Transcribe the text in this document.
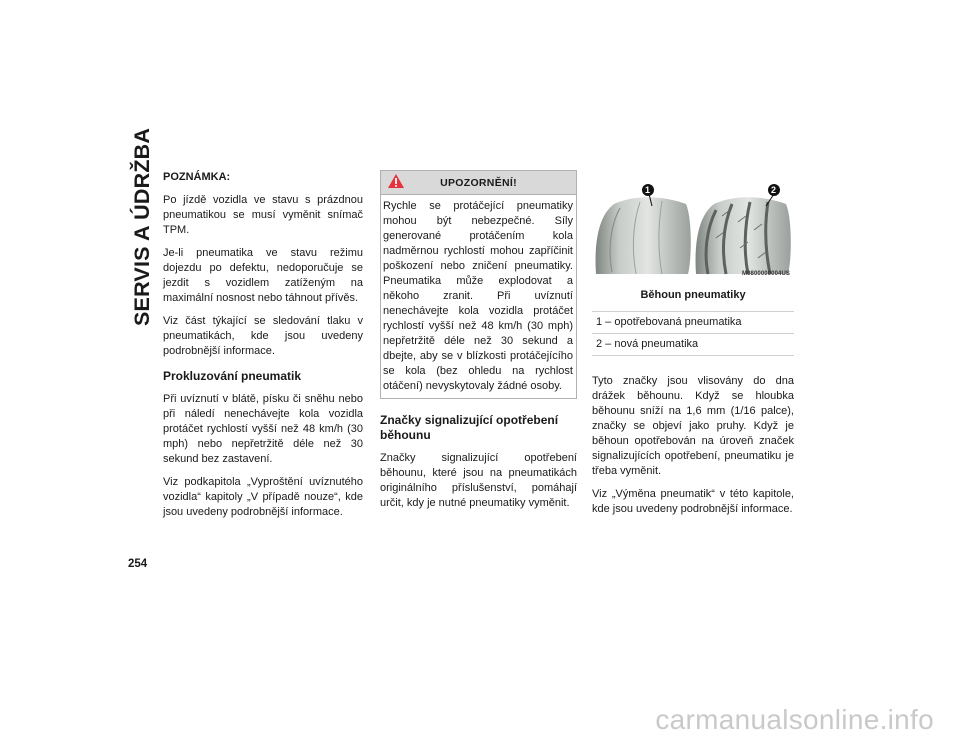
SERVIS A ÚDRŽBA
254

POZNÁMKA:

Po jízdě vozidla ve stavu s prázdnou pneumatikou se musí vyměnit snímač TPM.

Je-li pneumatika ve stavu režimu dojezdu po defektu, nedoporučuje se jezdit s vozidlem zatíženým na maximální nosnost nebo táhnout přívěs.

Viz část týkající se sledování tlaku v pneumatikách, kde jsou uvedeny podrobnější informace.

Prokluzování pneumatik

Při uvíznutí v blátě, písku či sněhu nebo při náledí nenechávejte kola vozidla protáčet rychlostí vyšší než 48 km/h (30 mph) nebo nepřetržitě déle než 30 sekund bez zastavení.

Viz podkapitola „Vyproštění uvíznutého vozidla“ kapitoly „V případě nouze“, kde jsou uvedeny podrobnější informace.

UPOZORNĚNÍ!

Rychle se protáčející pneumatiky mohou být nebezpečné. Síly generované protáčením kola nadměrnou rychlostí mohou zapříčinit poškození nebo zničení pneumatiky. Pneumatika může explodovat a někoho zranit. Při uvíznutí nenechávejte kola vozidla protáčet rychlostí vyšší než 48 km/h (30 mph) nepřetržitě déle než 30 sekund a dbejte, aby se v blízkosti protáčejícího se kola (bez ohledu na rychlost otáčení) nevyskytovaly žádné osoby.

Značky signalizující opotřebení běhounu

Značky signalizující opotřebení běhounu, které jsou na pneumatikách originálního příslušenství, pomáhají určit, kdy je nutné pneumatiky vyměnit.

1	2
M0800000004US
Běhoun pneumatiky
1 – opotřebovaná pneumatika
2 – nová pneumatika

Tyto značky jsou vlisovány do dna drážek běhounu. Když se hloubka běhounu sníží na 1,6 mm (1/16 palce), značky se objeví jako pruhy. Když je běhoun opotřebován na úroveň značek signalizujících opotřebení, pneumatiku je třeba vyměnit.

Viz „Výměna pneumatik“ v této kapitole, kde jsou uvedeny podrobnější informace.

carmanualsonline.info
